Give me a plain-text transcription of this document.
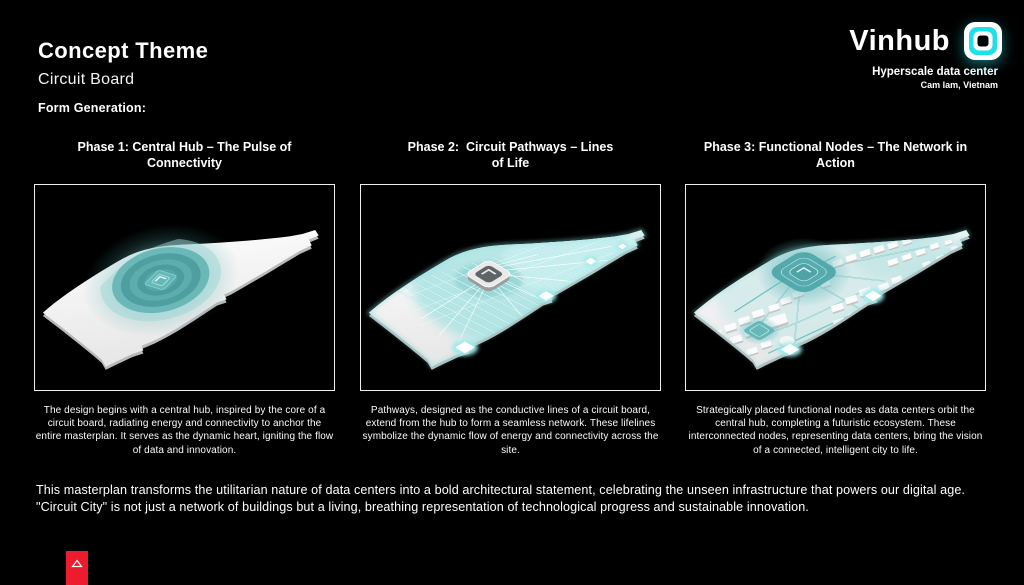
Concept Theme
Circuit Board
Form Generation:
Vinhub
Hyperscale data center
Cam lam, Vietnam
Phase 1: Central Hub – The Pulse of
Connectivity
The design begins with a central hub, inspired by the core of a circuit board, radiating energy and connectivity to anchor the entire masterplan. It serves as the dynamic heart, igniting the flow of data and innovation.
Phase 2:  Circuit Pathways – Lines
of Life
Pathways, designed as the conductive lines of a circuit board, extend from the hub to form a seamless network. These lifelines symbolize the dynamic flow of energy and connectivity across the site.
Phase 3: Functional Nodes – The Network in
Action
Strategically placed functional nodes as data centers orbit the central hub, completing a futuristic ecosystem. These interconnected nodes, representing data centers, bring the vision of a connected, intelligent city to life.
This masterplan transforms the utilitarian nature of data centers into a bold architectural statement, celebrating the unseen infrastructure that powers our digital age. "Circuit City" is not just a network of buildings but a living, breathing representation of technological progress and sustainable innovation.
